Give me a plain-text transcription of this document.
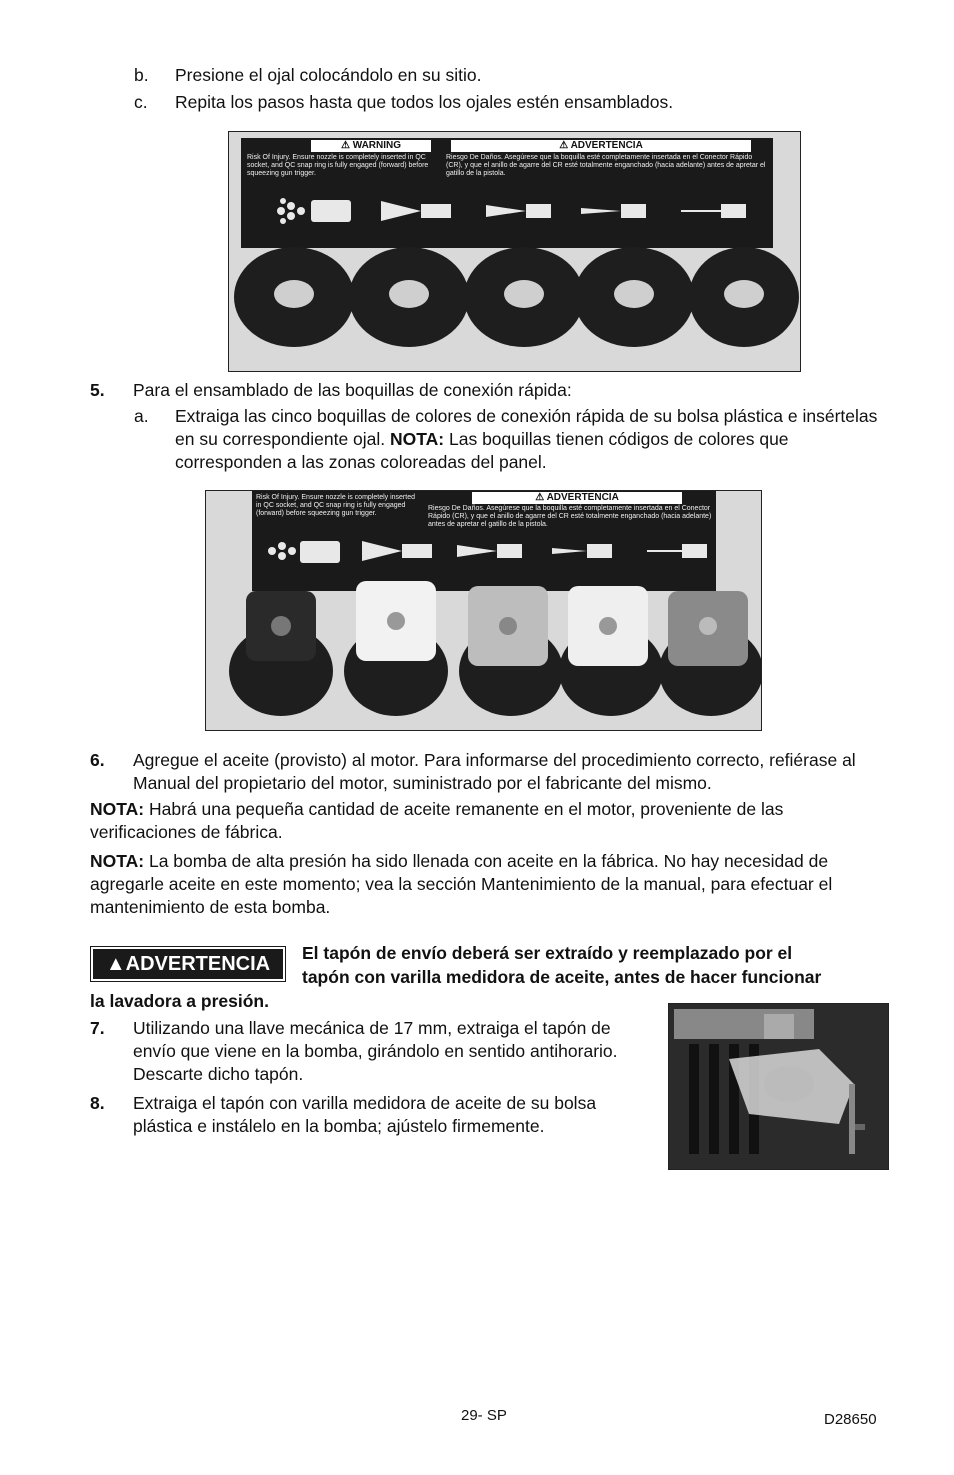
b. Presione el ojal colocándolo en su sitio.
c. Repita los pasos hasta que todos los ojales estén ensamblados.
⚠ WARNING	⚠ ADVERTENCIA
Risk Of Injury. Ensure nozzle is completely inserted in QC socket, and QC snap ring is fully engaged (forward) before squeezing gun trigger.
Riesgo De Daños. Asegúrese que la boquilla esté completamente insertada en el Conector Rápido (CR), y que el anillo de agarre del CR esté totalmente enganchado (hacia adelante) antes de apretar el gatillo de la pistola.
5. Para el ensamblado de las boquillas de conexión rápida:
a. Extraiga las cinco boquillas de colores de conexión rápida de su bolsa plástica e insértelas en su correspondiente ojal. NOTA: Las boquillas tienen códigos de colores que corresponden a las zonas coloreadas del panel.
Risk Of Injury. Ensure nozzle is completely inserted in QC socket, and QC snap ring is fully engaged (forward) before squeezing gun trigger.
⚠ ADVERTENCIA
Riesgo De Daños. Asegúrese que la boquilla esté completamente insertada en el Conector Rápido (CR), y que el anillo de agarre del CR esté totalmente enganchado (hacia adelante) antes de apretar el gatillo de la pistola.
6. Agregue el aceite (provisto) al motor. Para informarse del procedimiento correcto, refiérase al Manual del propietario del motor, suministrado por el fabricante del mismo.
NOTA: Habrá una pequeña cantidad de aceite remanente en el motor, proveniente de las verificaciones de fábrica.
NOTA: La bomba de alta presión ha sido llenada con aceite en la fábrica. No hay necesidad de agregarle aceite en este momento; vea la sección Mantenimiento de la manual, para efectuar el mantenimiento de esta bomba.
▲ADVERTENCIA	El tapón de envío deberá ser extraído y reemplazado por el
tapón con varilla medidora de aceite, antes de hacer funcionar
la lavadora a presión.
7. Utilizando una llave mecánica de 17 mm, extraiga el tapón de envío que viene en la bomba, girándolo en sentido antihorario. Descarte dicho tapón.
8. Extraiga el tapón con varilla medidora de aceite de su bolsa plástica e instálelo en la bomba; ajústelo firmemente.
29- SP	D28650
